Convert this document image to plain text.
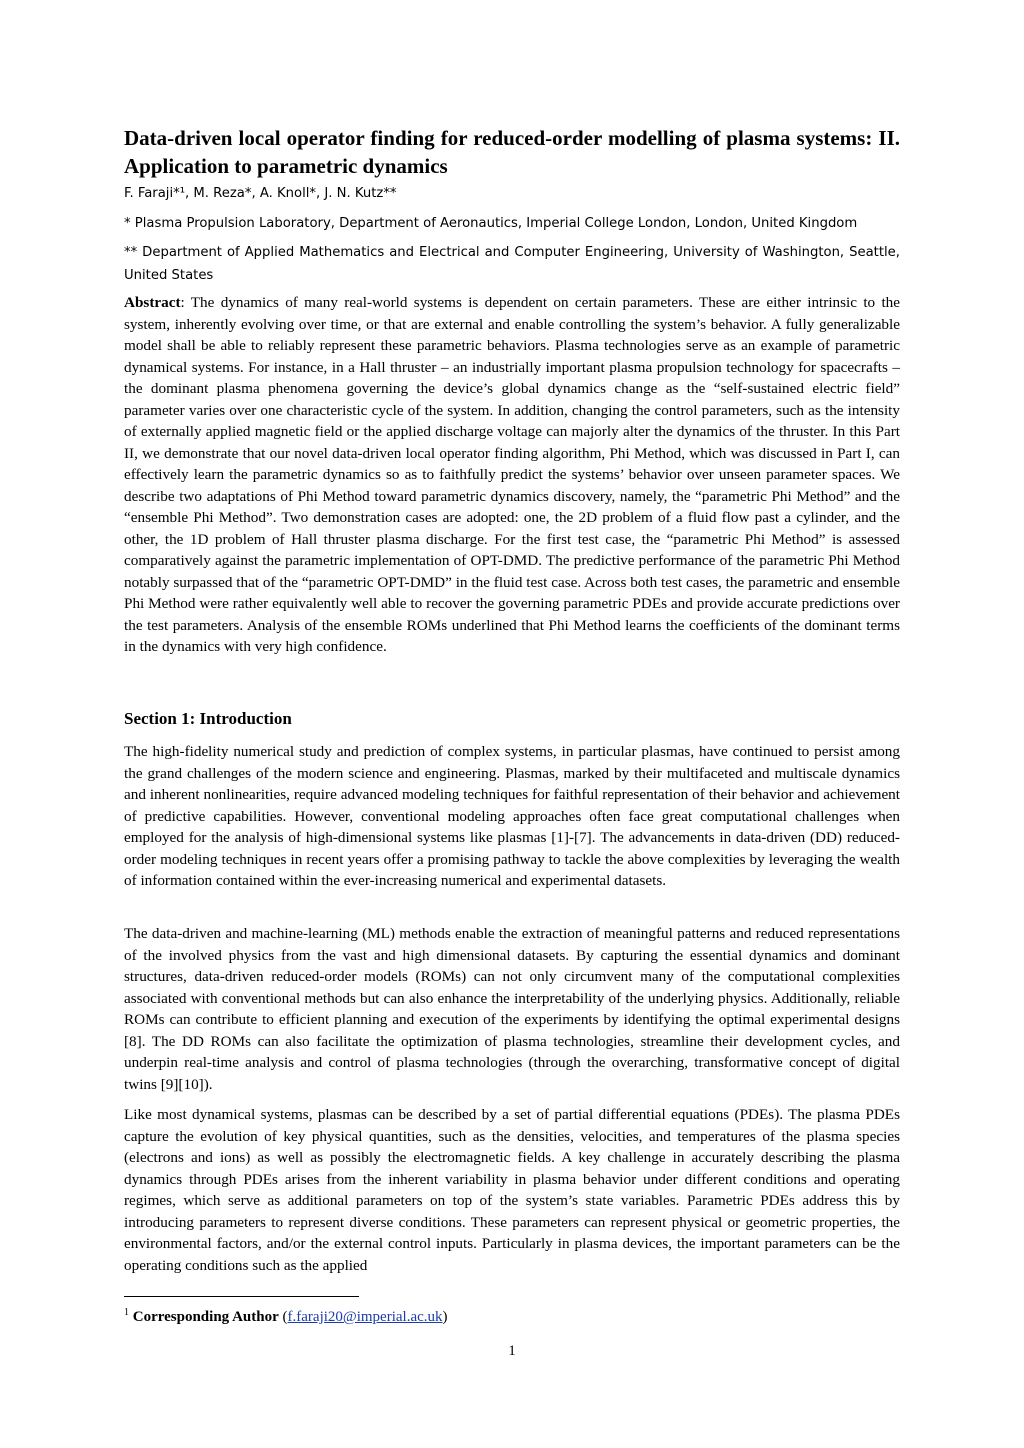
Data-driven local operator finding for reduced-order modelling of plasma systems: II. Application to parametric dynamics
F. Faraji*¹, M. Reza*, A. Knoll*, J. N. Kutz**
* Plasma Propulsion Laboratory, Department of Aeronautics, Imperial College London, London, United Kingdom
** Department of Applied Mathematics and Electrical and Computer Engineering, University of Washington, Seattle, United States

Abstract: The dynamics of many real-world systems is dependent on certain parameters. These are either intrinsic to the system, inherently evolving over time, or that are external and enable controlling the system’s behavior. A fully generalizable model shall be able to reliably represent these parametric behaviors. Plasma technologies serve as an example of parametric dynamical systems. For instance, in a Hall thruster – an industrially important plasma propulsion technology for spacecrafts – the dominant plasma phenomena governing the device’s global dynamics change as the “self-sustained electric field” parameter varies over one characteristic cycle of the system. In addition, changing the control parameters, such as the intensity of externally applied magnetic field or the applied discharge voltage can majorly alter the dynamics of the thruster. In this Part II, we demonstrate that our novel data-driven local operator finding algorithm, Phi Method, which was discussed in Part I, can effectively learn the parametric dynamics so as to faithfully predict the systems’ behavior over unseen parameter spaces. We describe two adaptations of Phi Method toward parametric dynamics discovery, namely, the “parametric Phi Method” and the “ensemble Phi Method”. Two demonstration cases are adopted: one, the 2D problem of a fluid flow past a cylinder, and the other, the 1D problem of Hall thruster plasma discharge. For the first test case, the “parametric Phi Method” is assessed comparatively against the parametric implementation of OPT-DMD. The predictive performance of the parametric Phi Method notably surpassed that of the “parametric OPT-DMD” in the fluid test case. Across both test cases, the parametric and ensemble Phi Method were rather equivalently well able to recover the governing parametric PDEs and provide accurate predictions over the test parameters. Analysis of the ensemble ROMs underlined that Phi Method learns the coefficients of the dominant terms in the dynamics with very high confidence.

Section 1: Introduction

The high-fidelity numerical study and prediction of complex systems, in particular plasmas, have continued to persist among the grand challenges of the modern science and engineering. Plasmas, marked by their multifaceted and multiscale dynamics and inherent nonlinearities, require advanced modeling techniques for faithful representation of their behavior and achievement of predictive capabilities. However, conventional modeling approaches often face great computational challenges when employed for the analysis of high-dimensional systems like plasmas [1]-[7]. The advancements in data-driven (DD) reduced-order modeling techniques in recent years offer a promising pathway to tackle the above complexities by leveraging the wealth of information contained within the ever-increasing numerical and experimental datasets.

The data-driven and machine-learning (ML) methods enable the extraction of meaningful patterns and reduced representations of the involved physics from the vast and high dimensional datasets. By capturing the essential dynamics and dominant structures, data-driven reduced-order models (ROMs) can not only circumvent many of the computational complexities associated with conventional methods but can also enhance the interpretability of the underlying physics. Additionally, reliable ROMs can contribute to efficient planning and execution of the experiments by identifying the optimal experimental designs [8]. The DD ROMs can also facilitate the optimization of plasma technologies, streamline their development cycles, and underpin real-time analysis and control of plasma technologies (through the overarching, transformative concept of digital twins [9][10]).

Like most dynamical systems, plasmas can be described by a set of partial differential equations (PDEs). The plasma PDEs capture the evolution of key physical quantities, such as the densities, velocities, and temperatures of the plasma species (electrons and ions) as well as possibly the electromagnetic fields. A key challenge in accurately describing the plasma dynamics through PDEs arises from the inherent variability in plasma behavior under different conditions and operating regimes, which serve as additional parameters on top of the system’s state variables. Parametric PDEs address this by introducing parameters to represent diverse conditions. These parameters can represent physical or geometric properties, the environmental factors, and/or the external control inputs. Particularly in plasma devices, the important parameters can be the operating conditions such as the applied

$^1$ Corresponding Author (f.faraji20@imperial.ac.uk)
1
